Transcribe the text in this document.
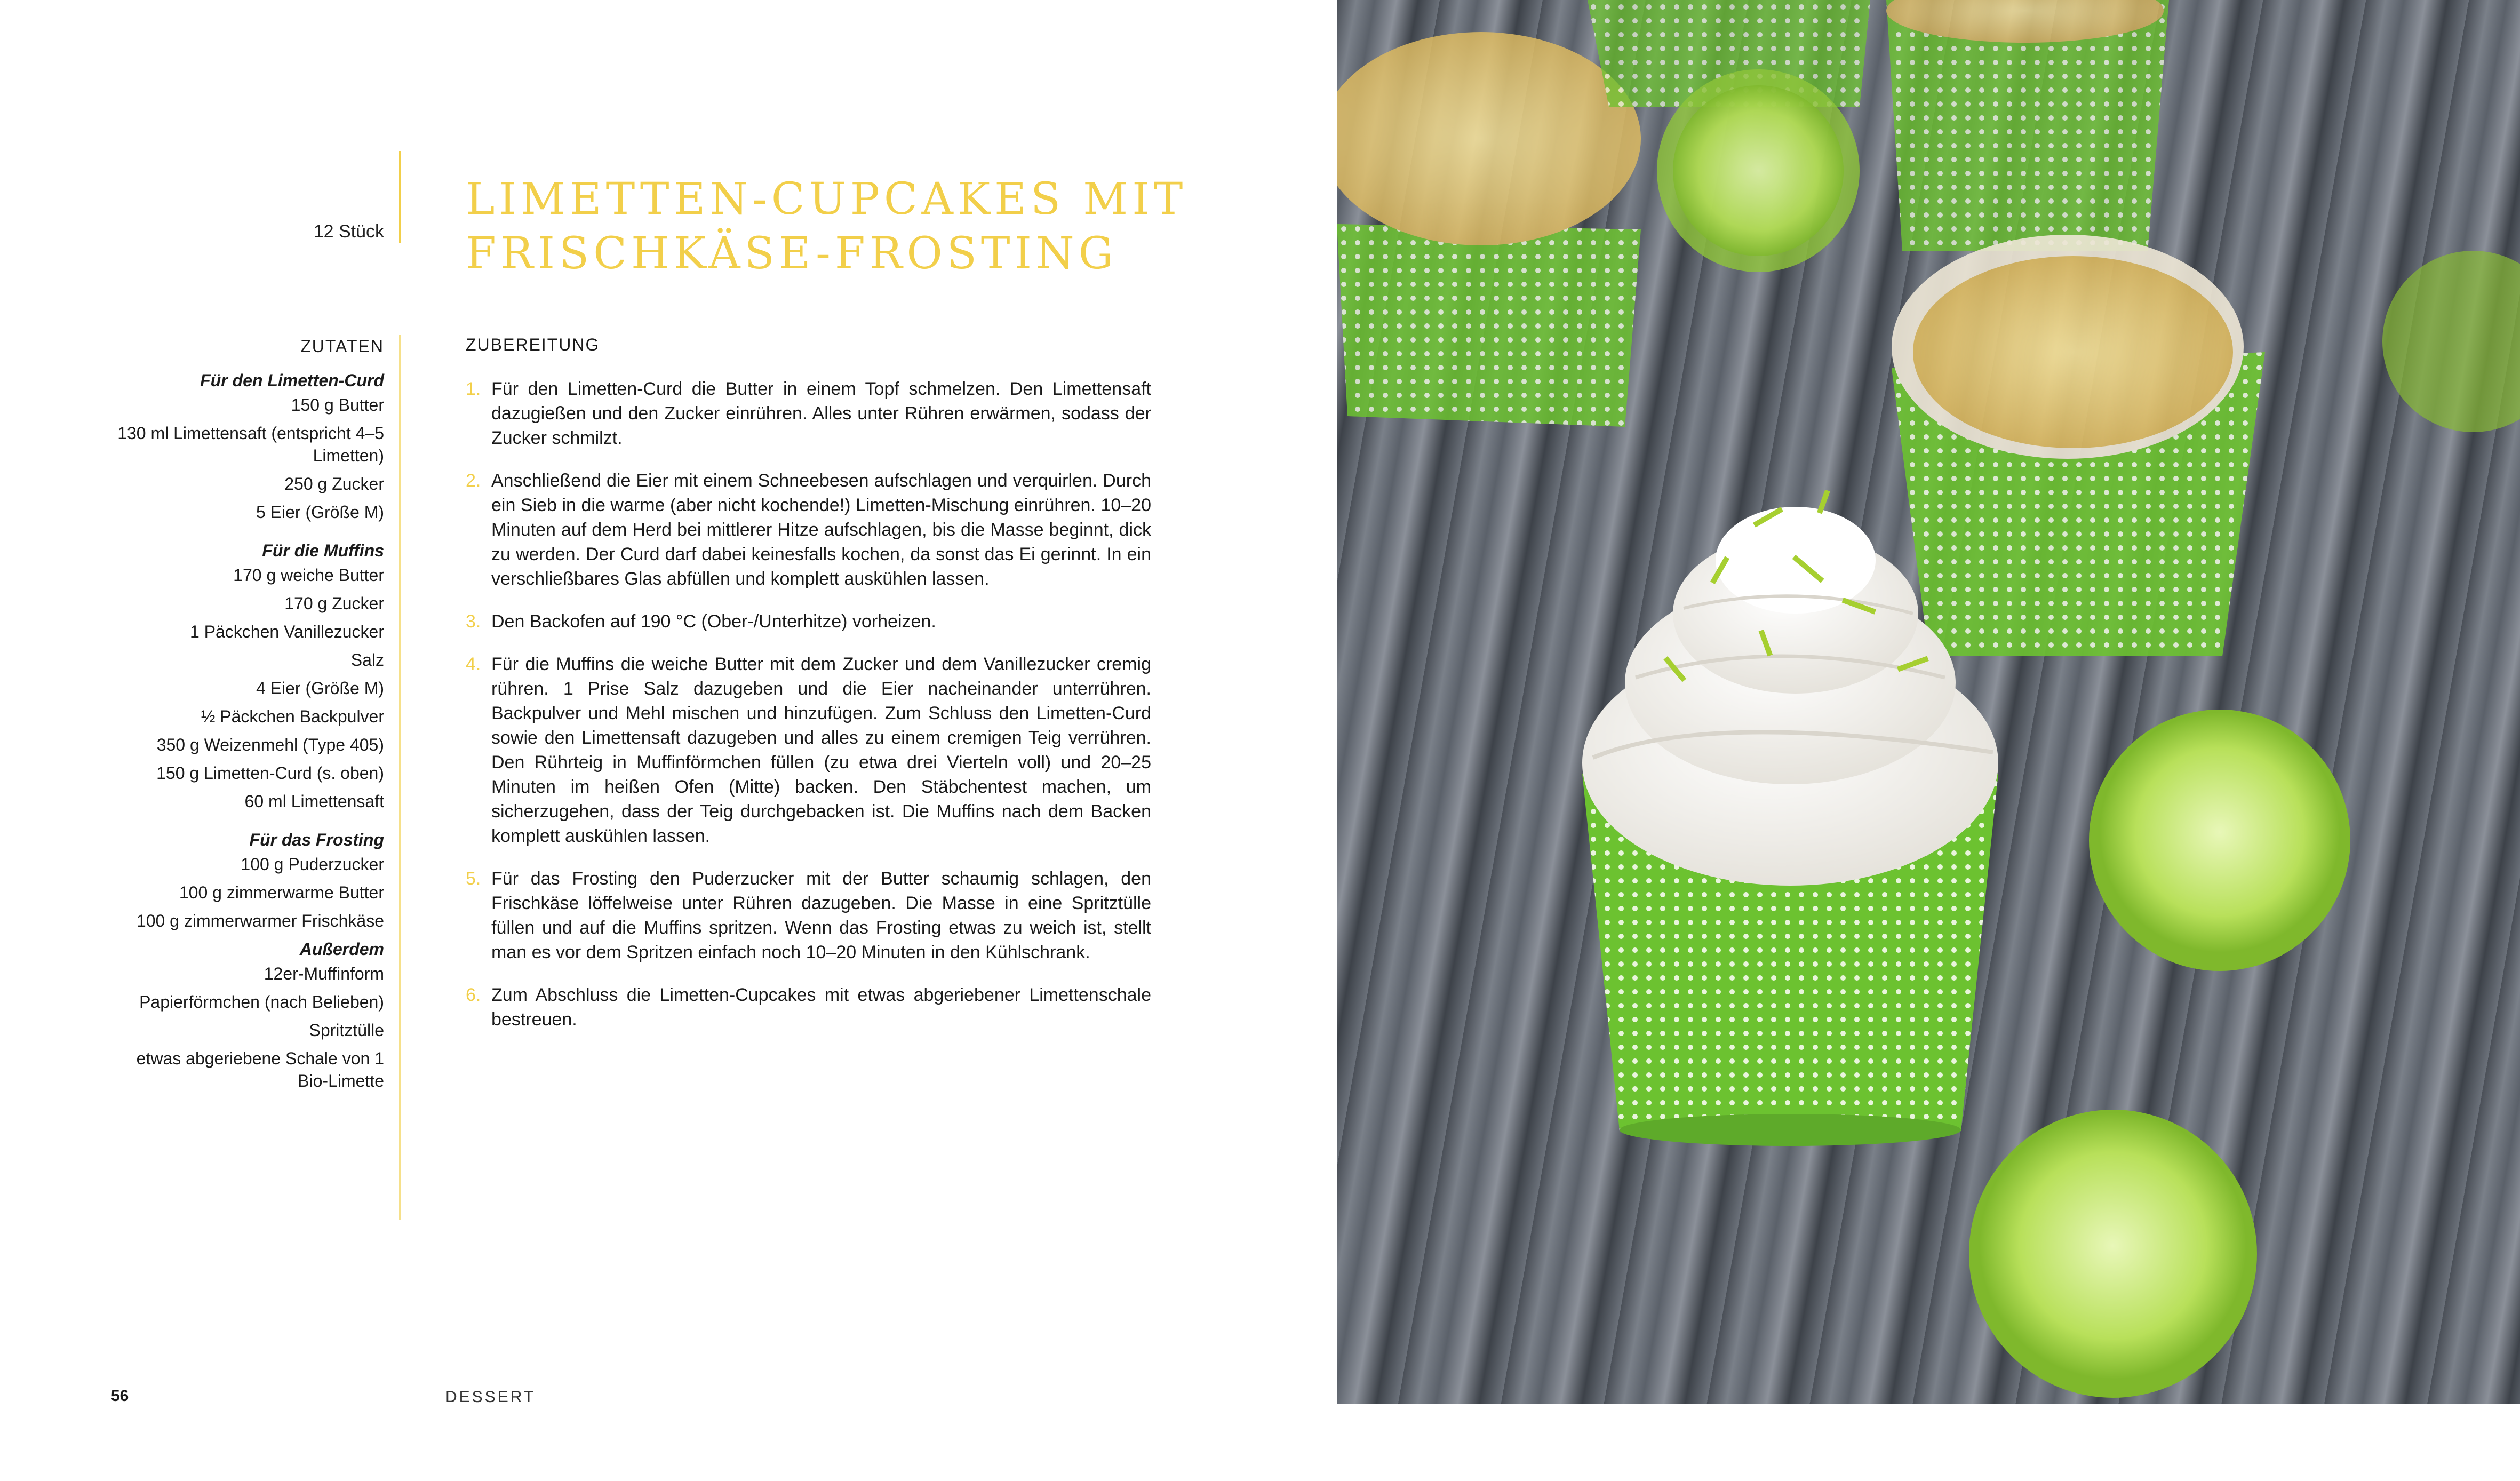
12 Stück
LIMETTEN-CUPCAKES MIT FRISCHKÄSE-FROSTING
ZUTATEN
Für den Limetten-Curd
150 g Butter
130 ml Limettensaft (entspricht 4–5 Limetten)
250 g Zucker
5 Eier (Größe M)
Für die Muffins
170 g weiche Butter
170 g Zucker
1 Päckchen Vanillezucker
Salz
4 Eier (Größe M)
½ Päckchen Backpulver
350 g Weizenmehl (Type 405)
150 g Limetten-Curd (s. oben)
60 ml Limettensaft
Für das Frosting
100 g Puderzucker
100 g zimmerwarme Butter
100 g zimmerwarmer Frischkäse
Außerdem
12er-Muffinform
Papierförmchen (nach Belieben)
Spritztülle
etwas abgeriebene Schale von 1 Bio-Limette
ZUBEREITUNG
1. Für den Limetten-Curd die Butter in einem Topf schmelzen. Den Limettensaft dazugießen und den Zucker einrühren. Alles unter Rühren erwärmen, sodass der Zucker schmilzt.
2. Anschließend die Eier mit einem Schneebesen aufschlagen und verquirlen. Durch ein Sieb in die warme (aber nicht kochende!) Limetten-Mischung einrühren. 10–20 Minuten auf dem Herd bei mittlerer Hitze aufschlagen, bis die Masse beginnt, dick zu werden. Der Curd darf dabei keinesfalls kochen, da sonst das Ei gerinnt. In ein verschließbares Glas abfüllen und komplett auskühlen lassen.
3. Den Backofen auf 190 °C (Ober-/Unterhitze) vorheizen.
4. Für die Muffins die weiche Butter mit dem Zucker und dem Vanillezucker cremig rühren. 1 Prise Salz dazugeben und die Eier nacheinander unterrühren. Backpulver und Mehl mischen und hinzufügen. Zum Schluss den Limetten-Curd sowie den Limettensaft dazugeben und alles zu einem cremigen Teig verrühren. Den Rührteig in Muffinförmchen füllen (zu etwa drei Vierteln voll) und 20–25 Minuten im heißen Ofen (Mitte) backen. Den Stäbchentest machen, um sicherzugehen, dass der Teig durchgebacken ist. Die Muffins nach dem Backen komplett auskühlen lassen.
5. Für das Frosting den Puderzucker mit der Butter schaumig schlagen, den Frischkäse löffelweise unter Rühren dazugeben. Die Masse in eine Spritztülle füllen und auf die Muffins spritzen. Wenn das Frosting etwas zu weich ist, stellt man es vor dem Spritzen einfach noch 10–20 Minuten in den Kühlschrank.
6. Zum Abschluss die Limetten-Cupcakes mit etwas abgeriebener Limettenschale bestreuen.
56	DESSERT
